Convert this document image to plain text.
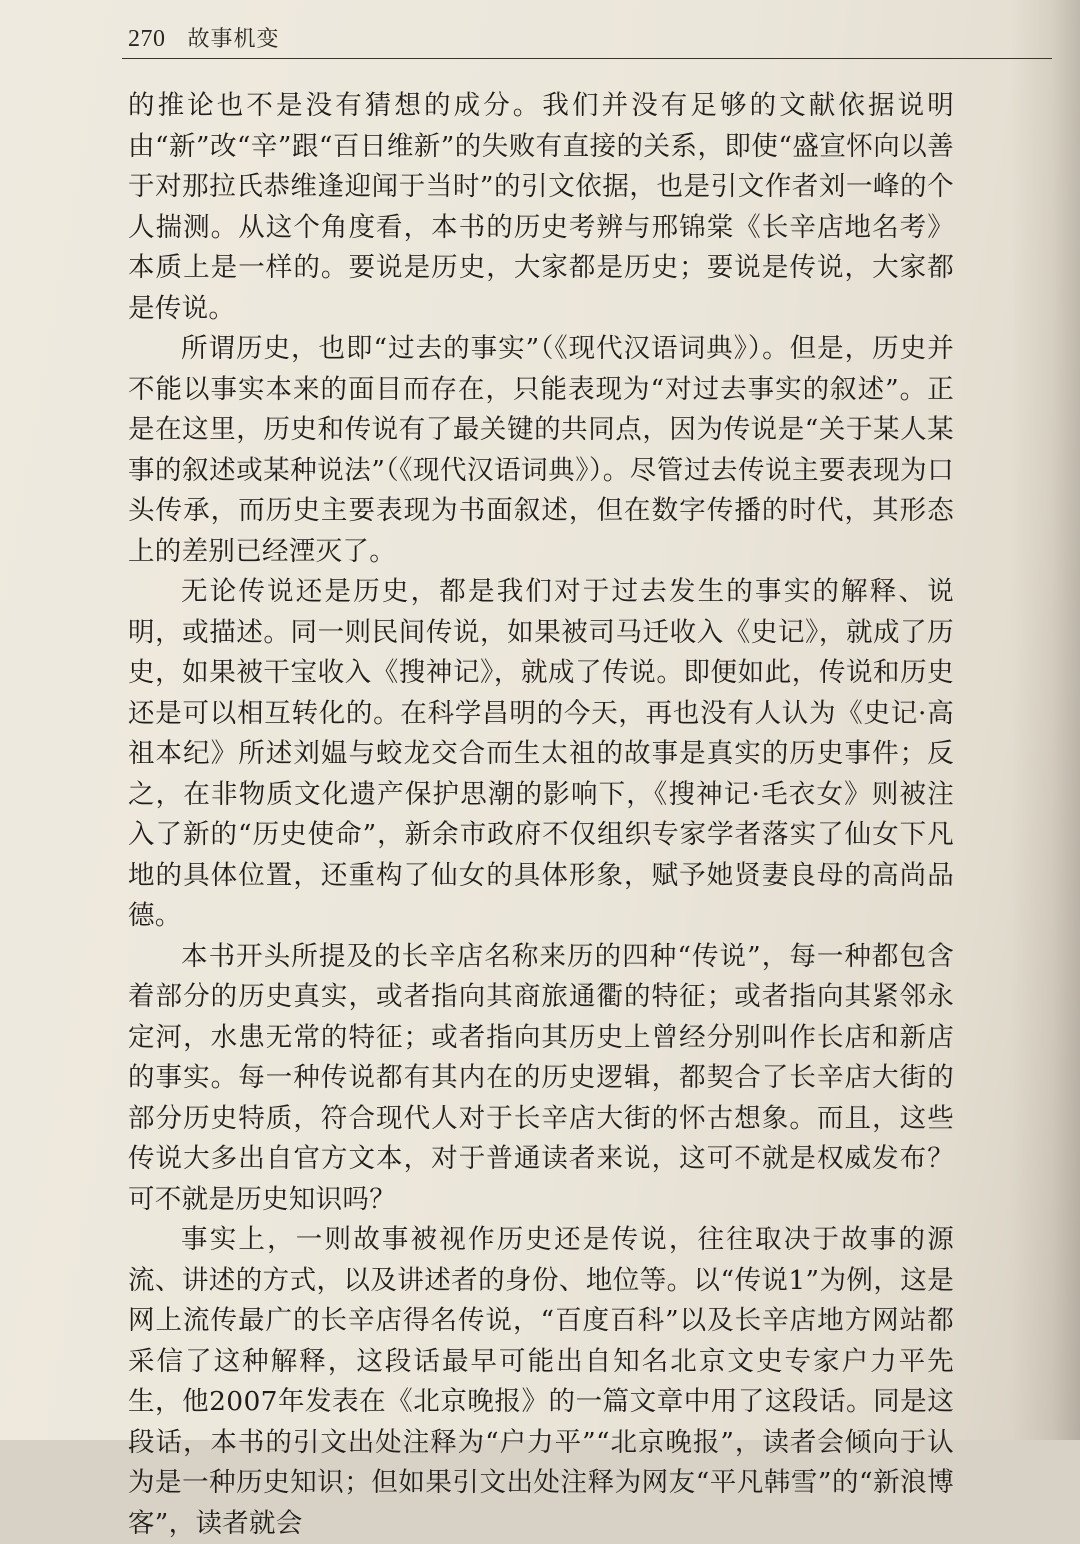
270 故事机变

的推论也不是没有猜想的成分。我们并没有足够的文献依据说明由“新”改“辛”跟“百日维新”的失败有直接的关系，即使“盛宣怀向以善于对那拉氏恭维逢迎闻于当时”的引文依据，也是引文作者刘一峰的个人揣测。从这个角度看，本书的历史考辨与邢锦棠《长辛店地名考》本质上是一样的。要说是历史，大家都是历史；要说是传说，大家都是传说。

所谓历史，也即“过去的事实”（《现代汉语词典》）。但是，历史并不能以事实本来的面目而存在，只能表现为“对过去事实的叙述”。正是在这里，历史和传说有了最关键的共同点，因为传说是“关于某人某事的叙述或某种说法”（《现代汉语词典》）。尽管过去传说主要表现为口头传承，而历史主要表现为书面叙述，但在数字传播的时代，其形态上的差别已经湮灭了。

无论传说还是历史，都是我们对于过去发生的事实的解释、说明，或描述。同一则民间传说，如果被司马迁收入《史记》，就成了历史，如果被干宝收入《搜神记》，就成了传说。即便如此，传说和历史还是可以相互转化的。在科学昌明的今天，再也没有人认为《史记·高祖本纪》所述刘媪与蛟龙交合而生太祖的故事是真实的历史事件；反之，在非物质文化遗产保护思潮的影响下，《搜神记·毛衣女》则被注入了新的“历史使命”，新余市政府不仅组织专家学者落实了仙女下凡地的具体位置，还重构了仙女的具体形象，赋予她贤妻良母的高尚品德。

本书开头所提及的长辛店名称来历的四种“传说”，每一种都包含着部分的历史真实，或者指向其商旅通衢的特征；或者指向其紧邻永定河，水患无常的特征；或者指向其历史上曾经分别叫作长店和新店的事实。每一种传说都有其内在的历史逻辑，都契合了长辛店大街的部分历史特质，符合现代人对于长辛店大街的怀古想象。而且，这些传说大多出自官方文本，对于普通读者来说，这可不就是权威发布？可不就是历史知识吗？

事实上，一则故事被视作历史还是传说，往往取决于故事的源流、讲述的方式，以及讲述者的身份、地位等。以“传说1”为例，这是网上流传最广的长辛店得名传说，“百度百科”以及长辛店地方网站都采信了这种解释，这段话最早可能出自知名北京文史专家户力平先生，他2007年发表在《北京晚报》的一篇文章中用了这段话。同是这段话，本书的引文出处注释为“户力平”“北京晚报”，读者会倾向于认为是一种历史知识；但如果引文出处注释为网友“平凡韩雪”的“新浪博客”，读者就会
